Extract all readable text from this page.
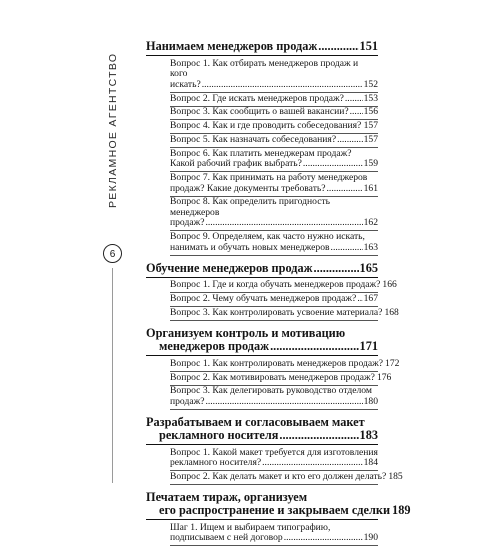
РЕКЛАМНОЕ АГЕНТСТВО
6
Нанимаем менеджеров продаж .....	151
Вопрос 1. Как отбирать менеджеров продаж и кого
искать? .....	152
Вопрос 2. Где искать менеджеров продаж? ..... 153
Вопрос 3. Как сообщить о вашей вакансии? ..... 156
Вопрос 4. Как и где проводить собеседования? ..... 157
Вопрос 5. Как назначать собеседования? .....	157
Вопрос 6. Как платить менеджерам продаж?
Какой рабочий график выбрать? .....	159
Вопрос 7. Как принимать на работу менеджеров
продаж? Какие документы требовать? .....	161
Вопрос 8. Как определить пригодность менеджеров
продаж? .....	162
Вопрос 9. Определяем, как часто нужно искать,
нанимать и обучать новых менеджеров .....	163
Обучение менеджеров продаж .....	165
Вопрос 1. Где и когда обучать менеджеров продаж? 166
Вопрос 2. Чему обучать менеджеров продаж? ..... 167
Вопрос 3. Как контролировать усвоение материала? 168
Организуем контроль и мотивацию
менеджеров продаж .....	171
Вопрос 1. Как контролировать менеджеров продаж? 172
Вопрос 2. Как мотивировать менеджеров продаж? 176
Вопрос 3. Как делегировать руководство отделом
продаж? .....	180
Разрабатываем и согласовываем макет
рекламного носителя .....	183
Вопрос 1. Какой макет требуется для изготовления
рекламного носителя? .....	184
Вопрос 2. Как делать макет и кто его должен делать? 185
Печатаем тираж, организуем
его распространение и закрываем сделки 189
Шаг 1. Ищем и выбираем типографию,
подписываем с ней договор .....	190
